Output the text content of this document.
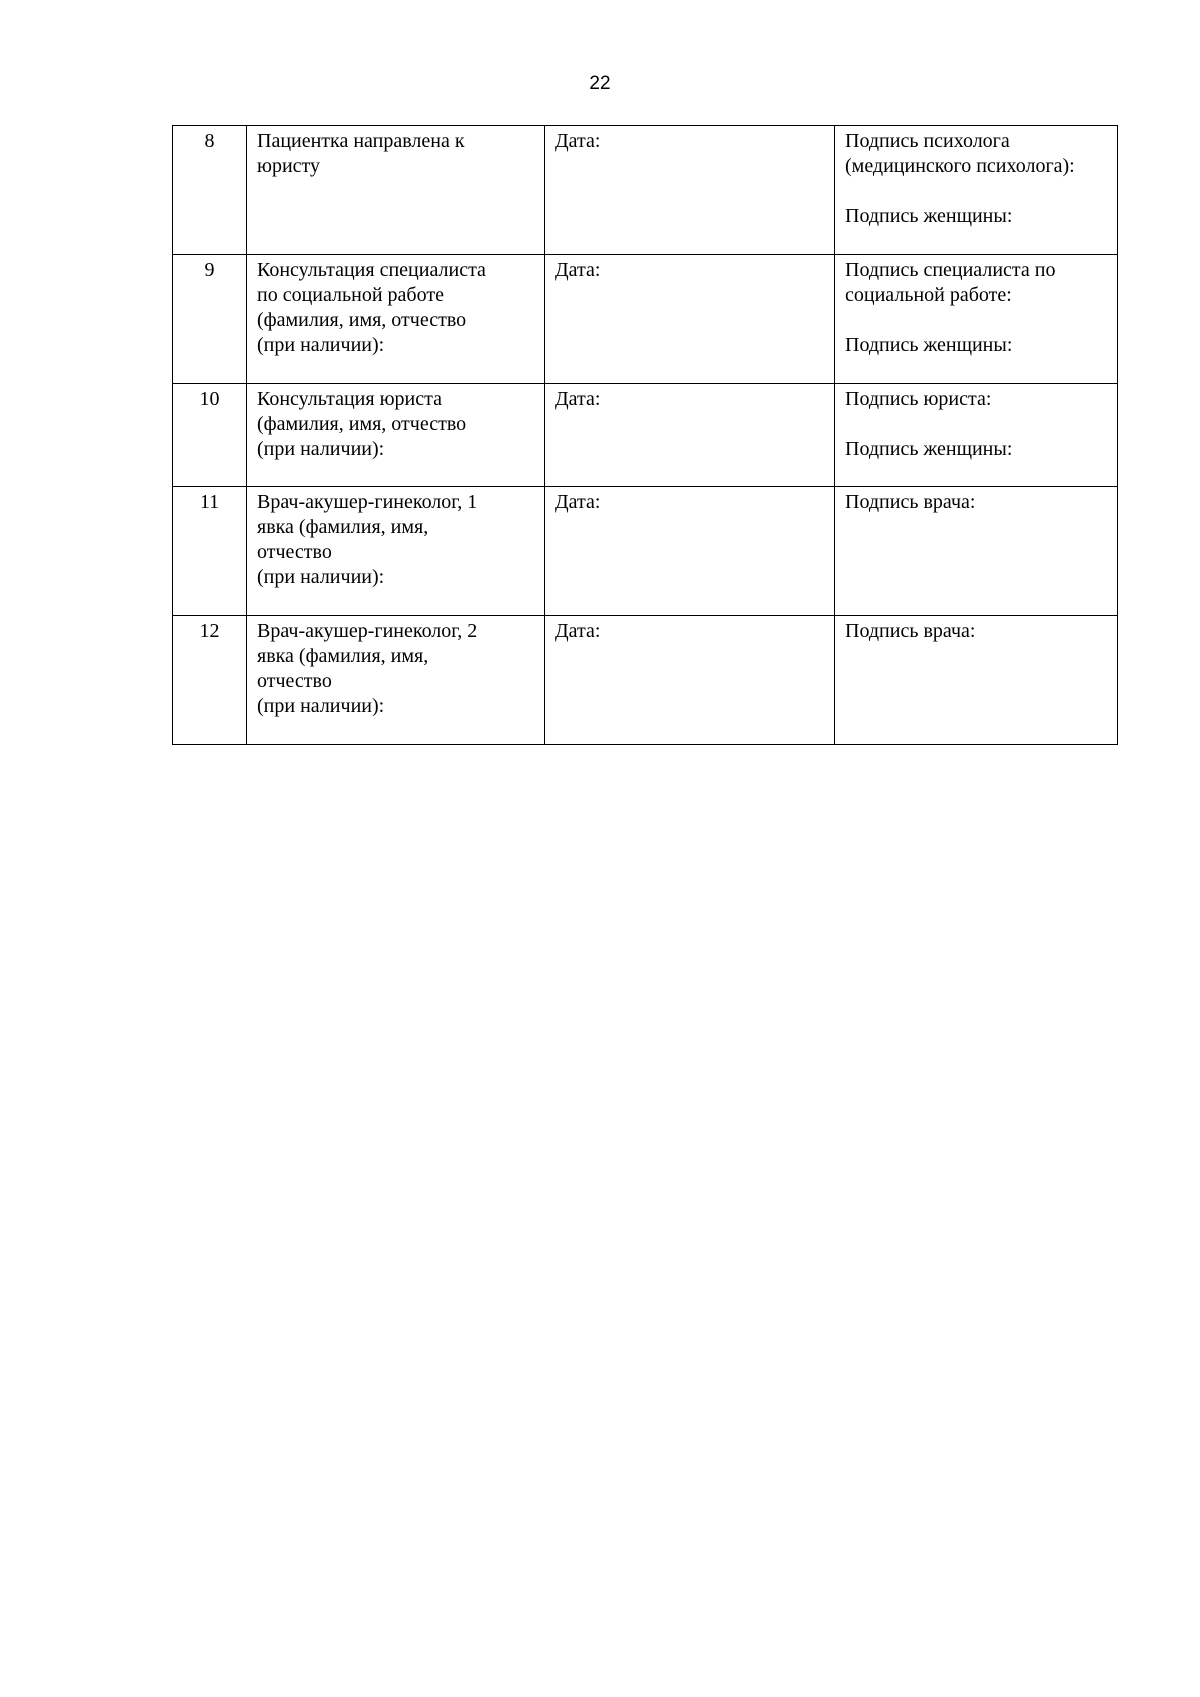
22
8	Пациентка направлена к
юристу	Дата:	Подпись психолога
(медицинского психолога):
Подпись женщины:

9	Консультация специалиста
по социальной работе
(фамилия, имя, отчество
(при наличии):	Дата:	Подпись специалиста по
социальной работе:
Подпись женщины:

10	Консультация юриста
(фамилия, имя, отчество
(при наличии):	Дата:	Подпись юриста:
Подпись женщины:

11	Врач-акушер-гинеколог, 1
явка (фамилия, имя,
отчество
(при наличии):	Дата:	Подпись врача:

12	Врач-акушер-гинеколог, 2
явка (фамилия, имя,
отчество
(при наличии):	Дата:	Подпись врача:
